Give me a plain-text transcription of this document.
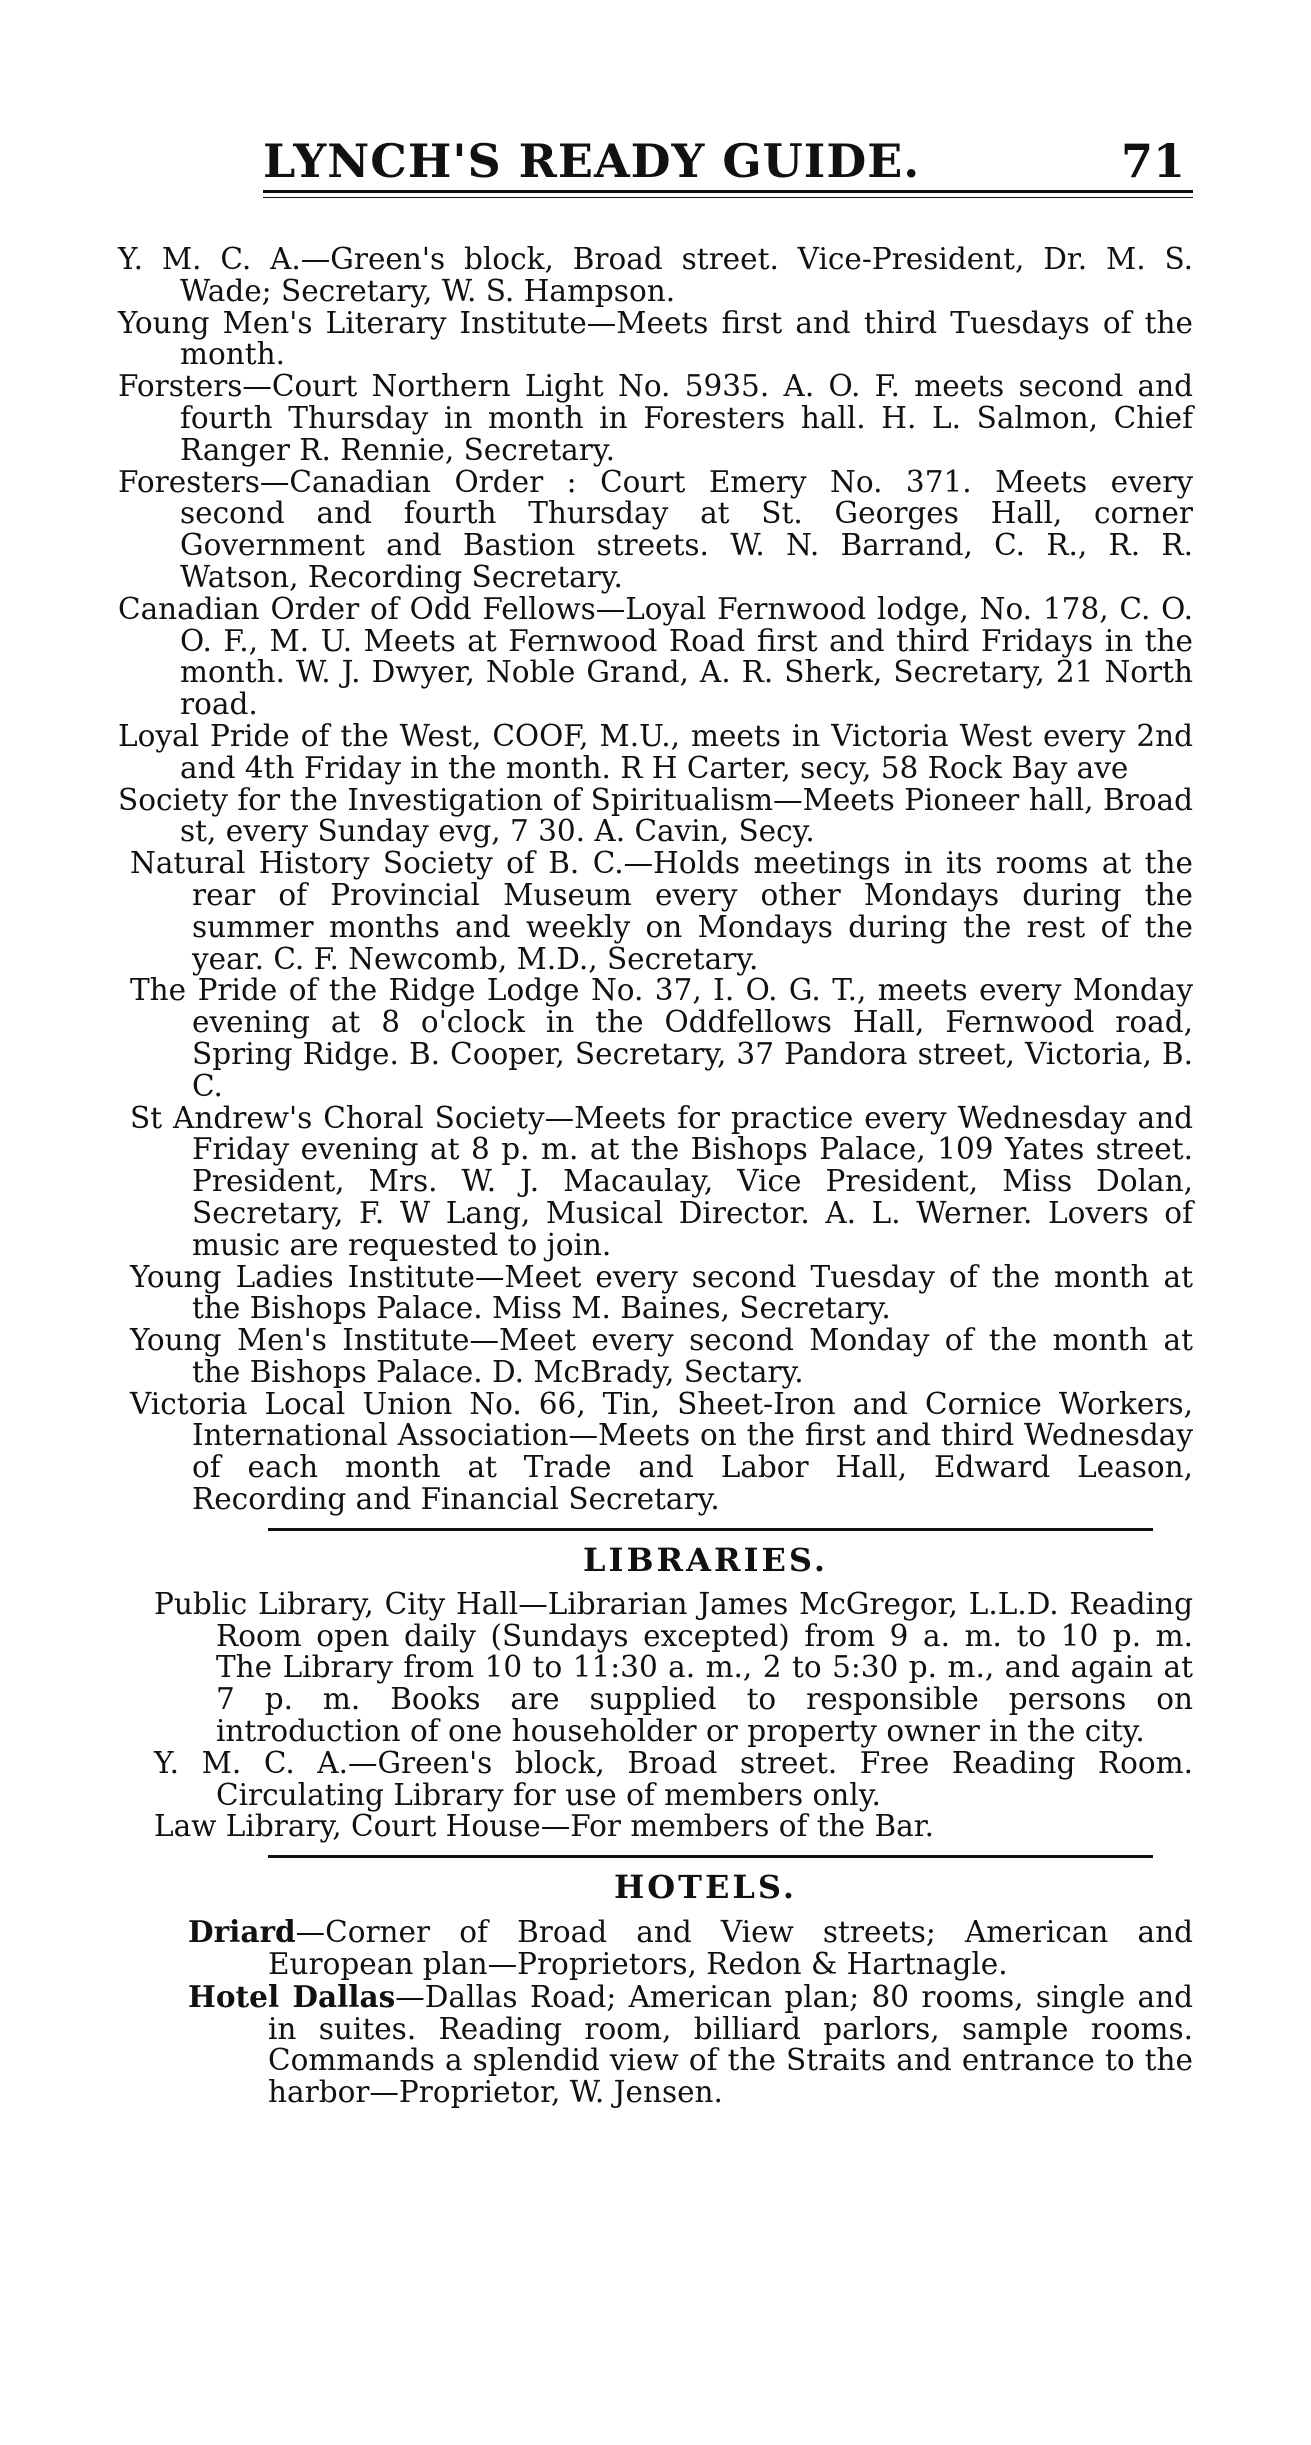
LYNCH'S READY GUIDE.	71

Y. M. C. A.—Green's block, Broad street. Vice-President, Dr. M. S. Wade; Secretary, W. S. Hampson.

Young Men's Literary Institute—Meets first and third Tuesdays of the month.

Forsters—Court Northern Light No. 5935. A. O. F. meets second and fourth Thursday in month in Foresters hall. H. L. Salmon, Chief Ranger R. Rennie, Secretary.

Foresters—Canadian Order : Court Emery No. 371. Meets every second and fourth Thursday at St. Georges Hall, corner Government and Bastion streets. W. N. Barrand, C. R., R. R. Watson, Recording Secretary.

Canadian Order of Odd Fellows—Loyal Fernwood lodge, No. 178, C. O. O. F., M. U. Meets at Fernwood Road first and third Fridays in the month. W. J. Dwyer, Noble Grand, A. R. Sherk, Secretary, 21 North road.

Loyal Pride of the West, COOF, M.U., meets in Victoria West every 2nd and 4th Friday in the month. R H Carter, secy, 58 Rock Bay ave

Society for the Investigation of Spiritualism—Meets Pioneer hall, Broad st, every Sunday evg, 7 30. A. Cavin, Secy.

Natural History Society of B. C.—Holds meetings in its rooms at the rear of Provincial Museum every other Mondays during the summer months and weekly on Mondays during the rest of the year. C. F. Newcomb, M.D., Secretary.

The Pride of the Ridge Lodge No. 37, I. O. G. T., meets every Monday evening at 8 o'clock in the Oddfellows Hall, Fernwood road, Spring Ridge. B. Cooper, Secretary, 37 Pandora street, Victoria, B. C.

St Andrew's Choral Society—Meets for practice every Wednesday and Friday evening at 8 p. m. at the Bishops Palace, 109 Yates street. President, Mrs. W. J. Macaulay, Vice President, Miss Dolan, Secretary, F. W Lang, Musical Director. A. L. Werner. Lovers of music are requested to join.

Young Ladies Institute—Meet every second Tuesday of the month at the Bishops Palace. Miss M. Baines, Secretary.

Young Men's Institute—Meet every second Monday of the month at the Bishops Palace. D. McBrady, Sectary.

Victoria Local Union No. 66, Tin, Sheet-Iron and Cornice Workers, International Association—Meets on the first and third Wednesday of each month at Trade and Labor Hall, Edward Leason, Recording and Financial Secretary.

LIBRARIES.

Public Library, City Hall—Librarian James McGregor, L.L.D. Reading Room open daily (Sundays excepted) from 9 a. m. to 10 p. m. The Library from 10 to 11:30 a. m., 2 to 5:30 p. m., and again at 7 p. m. Books are supplied to responsible persons on introduction of one householder or property owner in the city.

Y. M. C. A.—Green's block, Broad street. Free Reading Room. Circulating Library for use of members only.

Law Library, Court House—For members of the Bar.

HOTELS.

Driard—Corner of Broad and View streets; American and European plan—Proprietors, Redon & Hartnagle.

Hotel Dallas—Dallas Road; American plan; 80 rooms, single and in suites. Reading room, billiard parlors, sample rooms. Commands a splendid view of the Straits and entrance to the harbor—Proprietor, W. Jensen.
